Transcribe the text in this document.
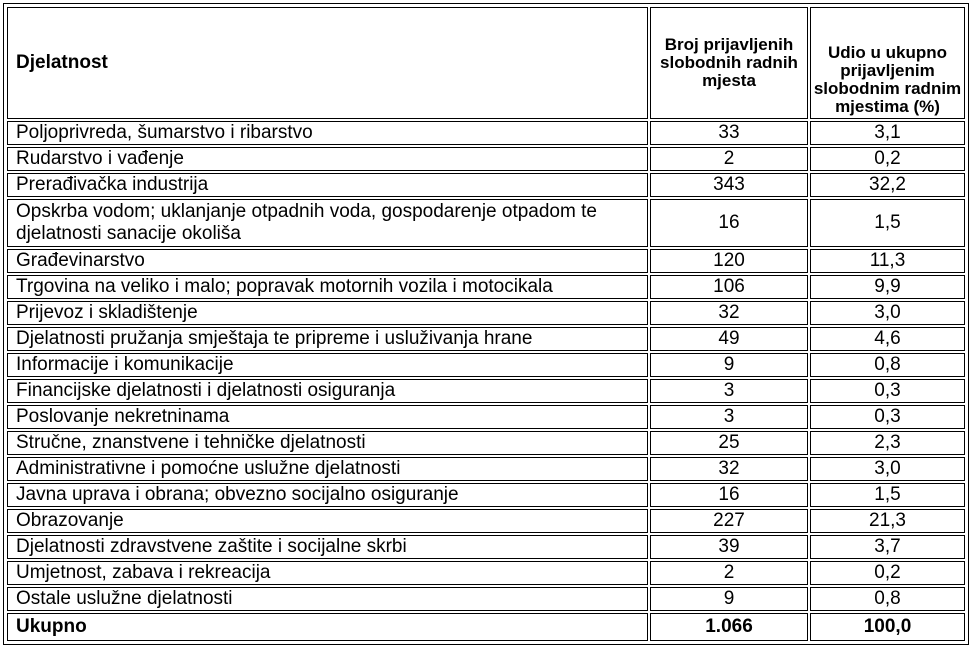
Djelatnost	Broj prijavljenih slobodnih radnih mjesta	Udio u ukupno prijavljenim slobodnim radnim mjestima (%)
Poljoprivreda, šumarstvo i ribarstvo	33	3,1
Rudarstvo i vađenje	2	0,2
Prerađivačka industrija	343	32,2
Opskrba vodom; uklanjanje otpadnih voda, gospodarenje otpadom te djelatnosti sanacije okoliša	16	1,5
Građevinarstvo	120	11,3
Trgovina na veliko i malo; popravak motornih vozila i motocikala	106	9,9
Prijevoz i skladištenje	32	3,0
Djelatnosti pružanja smještaja te pripreme i usluživanja hrane	49	4,6
Informacije i komunikacije	9	0,8
Financijske djelatnosti i djelatnosti osiguranja	3	0,3
Poslovanje nekretninama	3	0,3
Stručne, znanstvene i tehničke djelatnosti	25	2,3
Administrativne i pomoćne uslužne djelatnosti	32	3,0
Javna uprava i obrana; obvezno socijalno osiguranje	16	1,5
Obrazovanje	227	21,3
Djelatnosti zdravstvene zaštite i socijalne skrbi	39	3,7
Umjetnost, zabava i rekreacija	2	0,2
Ostale uslužne djelatnosti	9	0,8
Ukupno	1.066	100,0
